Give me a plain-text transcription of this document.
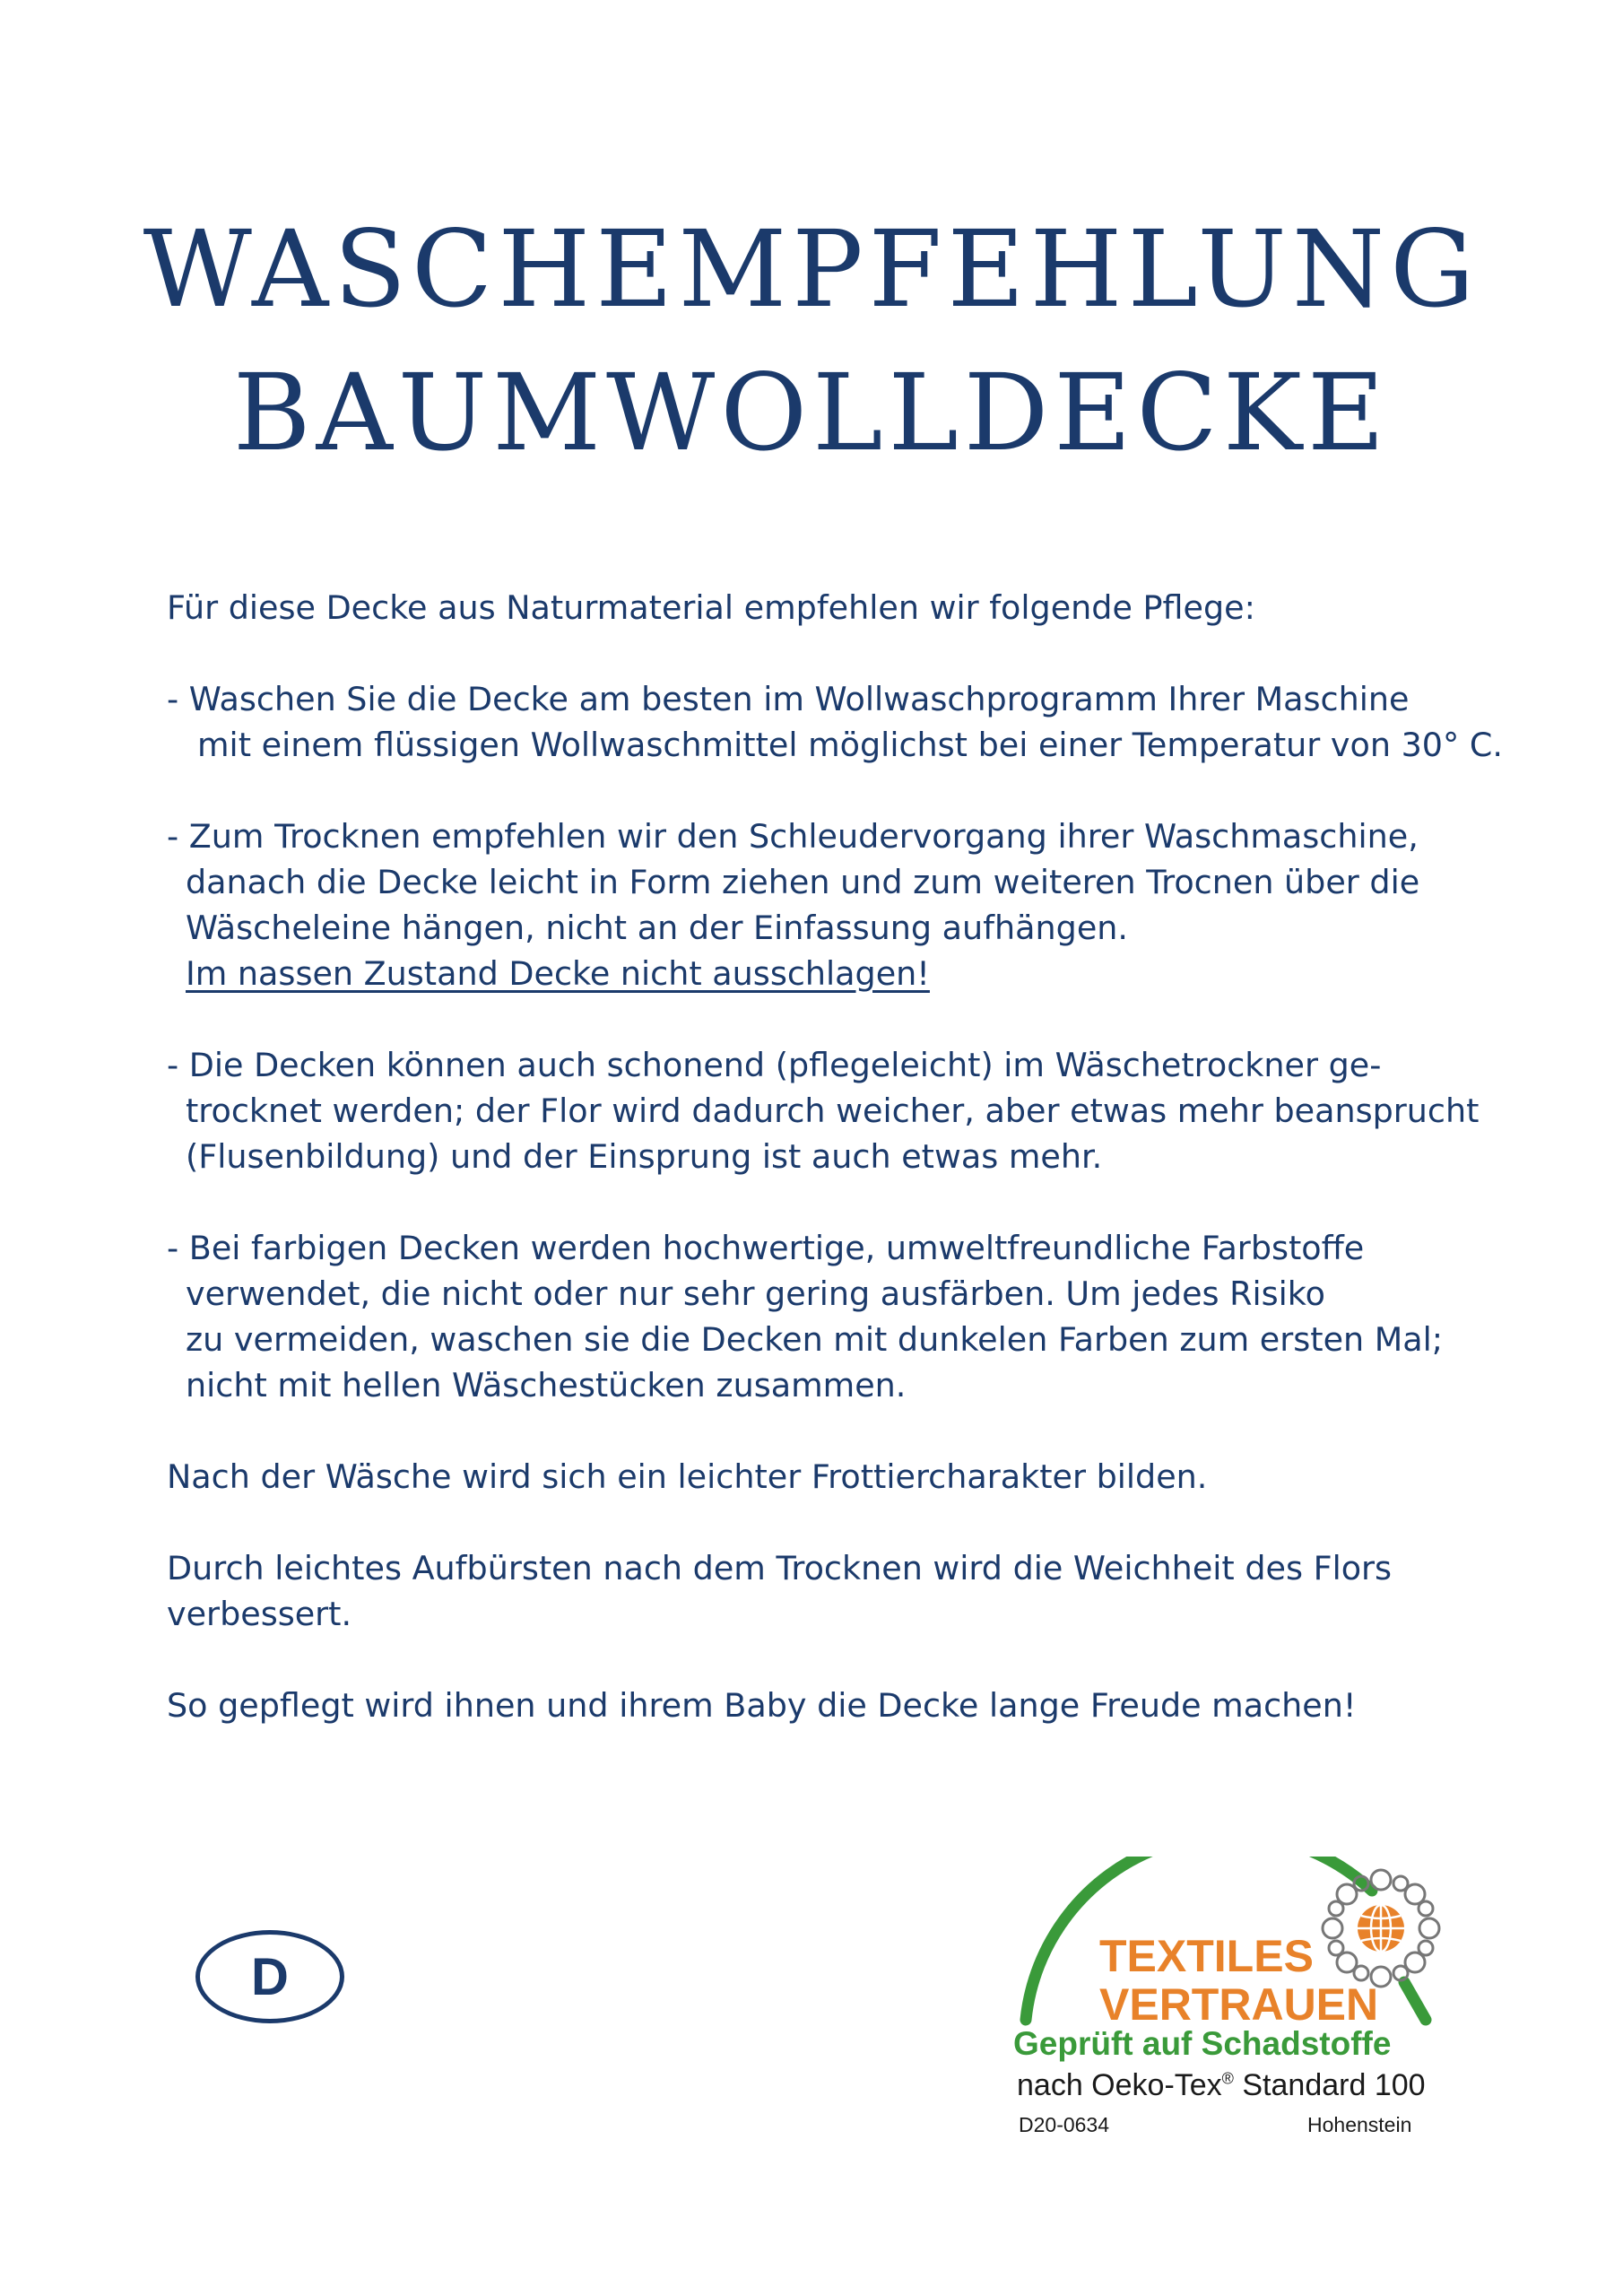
WASCHEMPFEHLUNG
BAUMWOLLDECKE

Für diese Decke aus Naturmaterial empfehlen wir folgende Pflege:

- Waschen Sie die Decke am besten im Wollwaschprogramm Ihrer Maschine

mit einem flüssigen Wollwaschmittel möglichst bei einer Temperatur von 30° C.

- Zum Trocknen empfehlen wir den Schleudervorgang ihrer Waschmaschine,

danach die Decke leicht in Form ziehen und zum weiteren Trocnen über die

Wäscheleine hängen, nicht an der Einfassung aufhängen.

Im nassen Zustand Decke nicht ausschlagen!

- Die Decken können auch schonend (pflegeleicht) im Wäschetrockner ge-

trocknet werden; der Flor wird dadurch weicher, aber etwas mehr beansprucht

(Flusenbildung) und der Einsprung ist auch etwas mehr.

- Bei farbigen Decken werden hochwertige, umweltfreundliche Farbstoffe

verwendet, die nicht oder nur sehr gering ausfärben. Um jedes Risiko

zu vermeiden, waschen sie die Decken mit dunkelen Farben zum ersten Mal;

nicht mit hellen Wäschestücken zusammen.

Nach der Wäsche wird sich ein leichter Frottiercharakter bilden.

Durch leichtes Aufbürsten nach dem Trocknen wird die Weichheit des Flors

verbessert.

So gepflegt wird ihnen und ihrem Baby die Decke lange Freude machen!

D	TEXTILES
VERTRAUEN
Geprüft auf Schadstoffe
nach Oeko-Tex® Standard 100
D20-0634	Hohenstein
